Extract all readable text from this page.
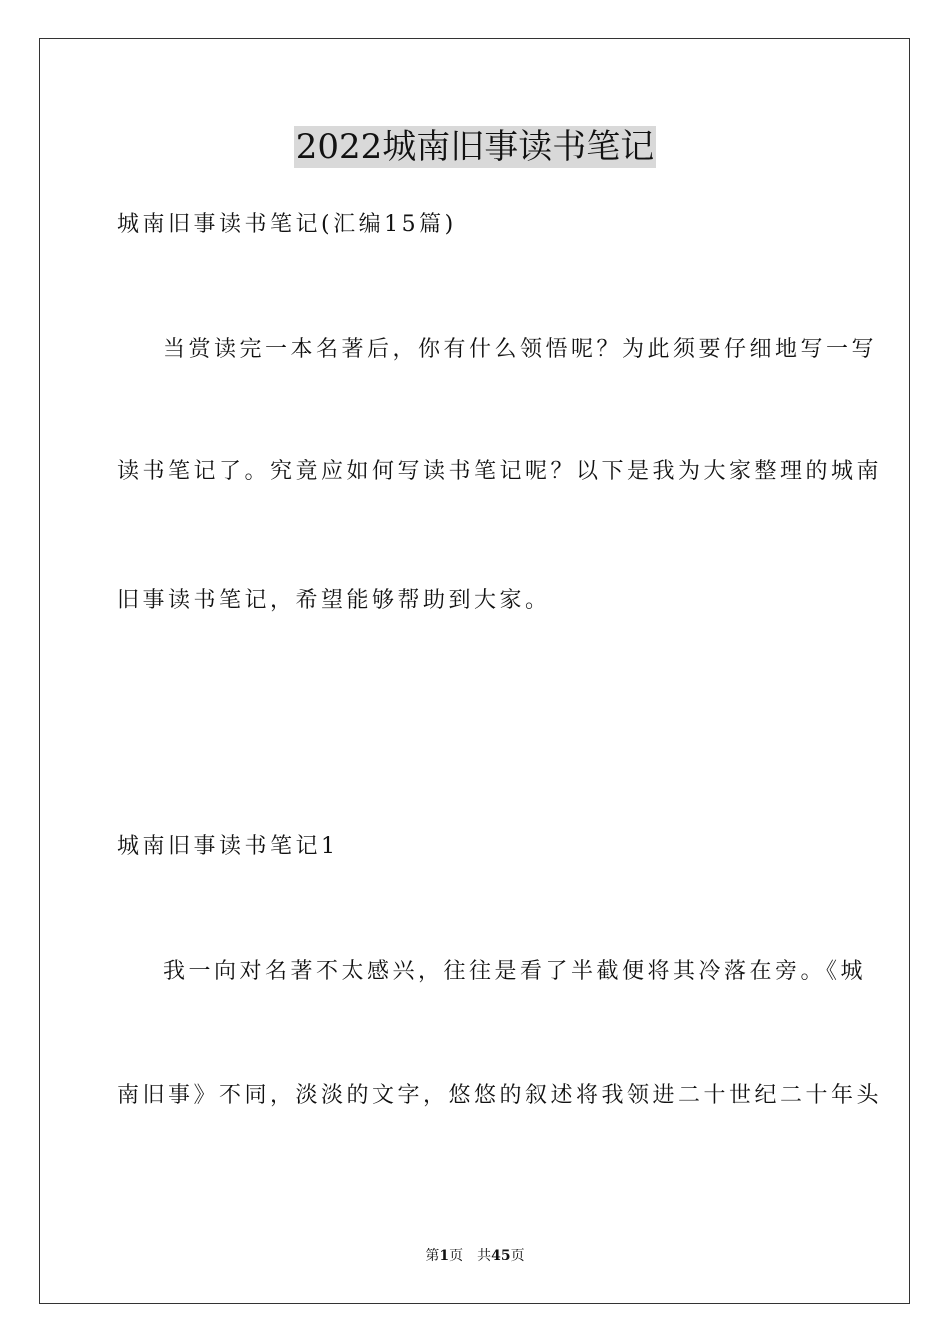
2022城南旧事读书笔记
城南旧事读书笔记(汇编15篇)
当赏读完一本名著后，你有什么领悟呢？为此须要仔细地写一写
读书笔记了。究竟应如何写读书笔记呢？以下是我为大家整理的城南
旧事读书笔记，希望能够帮助到大家。
城南旧事读书笔记1
我一向对名著不太感兴，往往是看了半截便将其冷落在旁。《城
南旧事》不同，淡淡的文字，悠悠的叙述将我领进二十世纪二十年头
第1页 共45页
